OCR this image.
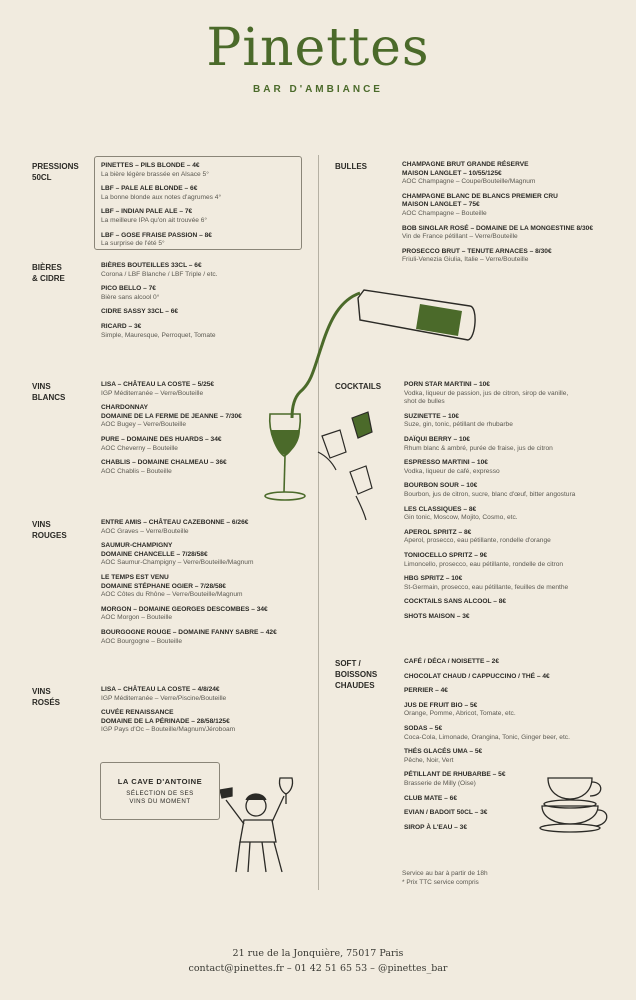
Pinettes
BAR D'AMBIANCE
PRESSIONS
50CL
PINETTES – PILS BLONDE – 4€
La bière légère brassée en Alsace 5°
LBF – PALE ALE BLONDE – 6€
La bonne blonde aux notes d'agrumes 4°
LBF – INDIAN PALE ALE – 7€
La meilleure IPA qu'on ait trouvée 6°
LBF – GOSE FRAISE PASSION – 8€
La surprise de l'été 5°
BIÈRES
& CIDRE
BIÈRES BOUTEILLES 33CL – 6€
Corona / LBF Blanche / LBF Triple / etc.
PICO BELLO – 7€
Bière sans alcool 0°
CIDRE SASSY 33CL – 6€
RICARD – 3€
Simple, Mauresque, Perroquet, Tomate
VINS
BLANCS
LISA – CHÂTEAU LA COSTE – 5/25€
IGP Méditerranée – Verre/Bouteille
CHARDONNAY
DOMAINE DE LA FERME DE JEANNE – 7/30€
AOC Bugey – Verre/Bouteille
PURE – DOMAINE DES HUARDS – 34€
AOC Cheverny – Bouteille
CHABLIS – DOMAINE CHALMEAU – 36€
AOC Chablis – Bouteille
VINS
ROUGES
ENTRE AMIS – CHÂTEAU CAZEBONNE – 6/26€
AOC Graves – Verre/Bouteille
SAUMUR-CHAMPIGNY
DOMAINE CHANCELLE – 7/28/58€
AOC Saumur-Champigny – Verre/Bouteille/Magnum
LE TEMPS EST VENU
DOMAINE STÉPHANE OGIER – 7/28/58€
AOC Côtes du Rhône – Verre/Bouteille/Magnum
MORGON – DOMAINE GEORGES DESCOMBES – 34€
AOC Morgon – Bouteille
BOURGOGNE ROUGE – DOMAINE FANNY SABRE – 42€
AOC Bourgogne – Bouteille
VINS
ROSÉS
LISA – CHÂTEAU LA COSTE – 4/8/24€
IGP Méditerranée – Verre/Piscine/Bouteille
CUVÉE RENAISSANCE
DOMAINE DE LA PÉRINADE – 28/58/125€
IGP Pays d'Oc – Bouteille/Magnum/Jéroboam
LA CAVE D'ANTOINE
SÉLECTION DE SES
VINS DU MOMENT
BULLES	CHAMPAGNE BRUT GRANDE RÉSERVE
MAISON LANGLET – 10/55/125€
AOC Champagne – Coupe/Bouteille/Magnum
CHAMPAGNE BLANC DE BLANCS PREMIER CRU
MAISON LANGLET – 75€
AOC Champagne – Bouteille
BOB SINGLAR ROSÉ – DOMAINE DE LA MONGESTINE 8/30€
Vin de France pétillant – Verre/Bouteille
PROSECCO BRUT – TENUTE ARNACES – 8/30€
Friuli-Venezia Giulia, Italie – Verre/Bouteille
COCKTAILS	PORN STAR MARTINI – 10€
Vodka, liqueur de passion, jus de citron, sirop de vanille,
shot de bulles
SUZINETTE – 10€
Suze, gin, tonic, pétillant de rhubarbe
DAÏQUI BERRY – 10€
Rhum blanc & ambré, purée de fraise, jus de citron
ESPRESSO MARTINI – 10€
Vodka, liqueur de café, expresso
BOURBON SOUR – 10€
Bourbon, jus de citron, sucre, blanc d'œuf, bitter angostura
LES CLASSIQUES – 8€
Gin tonic, Moscow, Mojito, Cosmo, etc.
APEROL SPRITZ – 8€
Aperol, prosecco, eau pétillante, rondelle d'orange
TONIOCELLO SPRITZ – 9€
Limoncello, prosecco, eau pétillante, rondelle de citron
HBG SPRITZ – 10€
St-Germain, prosecco, eau pétillante, feuilles de menthe
COCKTAILS SANS ALCOOL – 8€
SHOTS MAISON – 3€
SOFT /
BOISSONS
CHAUDES
CAFÉ / DÉCA / NOISETTE – 2€
CHOCOLAT CHAUD / CAPPUCCINO / THÉ – 4€
PERRIER – 4€
JUS DE FRUIT BIO – 5€
Orange, Pomme, Abricot, Tomate, etc.
SODAS – 5€
Coca-Cola, Limonade, Orangina, Tonic, Ginger beer, etc.
THÉS GLACÉS UMA – 5€
Pêche, Noir, Vert
PÉTILLANT DE RHUBARBE – 5€
Brasserie de Milly (Oise)
CLUB MATE – 6€
EVIAN / BADOIT 50CL – 3€
SIROP À L'EAU – 3€
Service au bar à partir de 18h
* Prix TTC service compris
21 rue de la Jonquière, 75017 Paris
contact@pinettes.fr – 01 42 51 65 53 – @pinettes_bar
